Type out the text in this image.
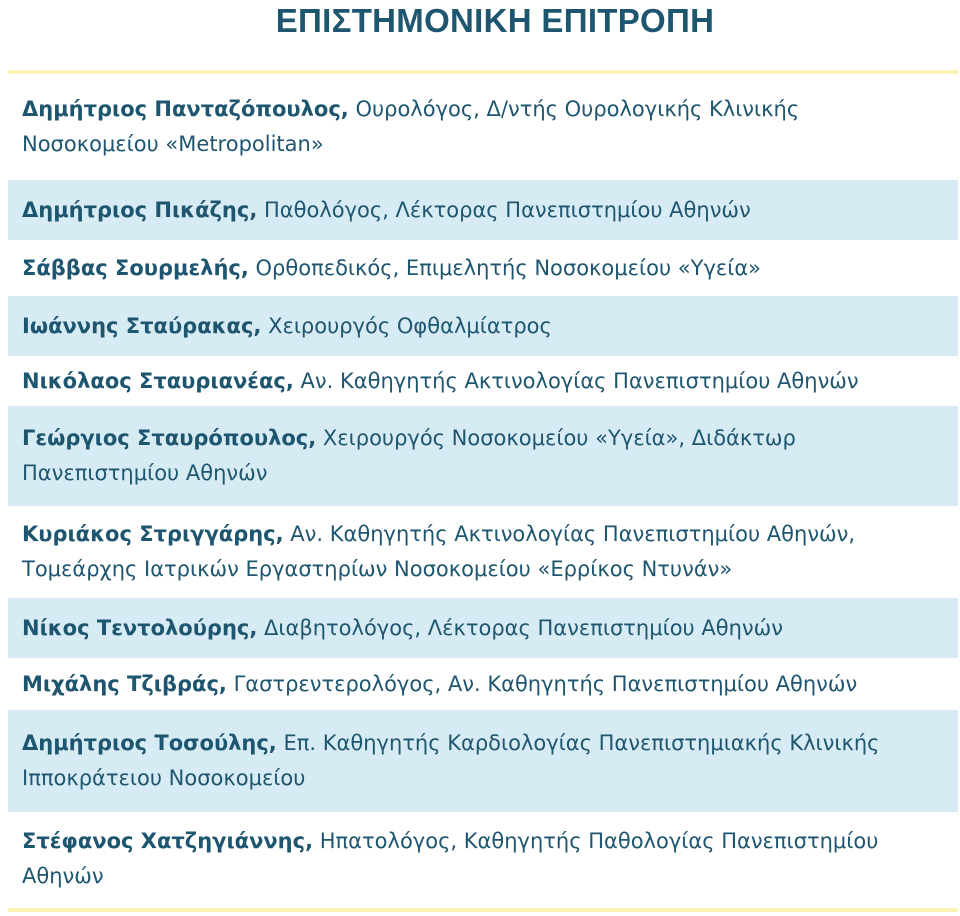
ΕΠΙΣΤΗΜΟΝΙΚΗ ΕΠΙΤΡΟΠΗ
Δημήτριος Πανταζόπουλος, Ουρολόγος, Δ/ντής Ουρολογικής Κλινικής
Νοσοκομείου «Metropolitan»
Δημήτριος Πικάζης, Παθολόγος, Λέκτορας Πανεπιστημίου Αθηνών
Σάββας Σουρμελής, Ορθοπεδικός, Επιμελητής Νοσοκομείου «Υγεία»
Ιωάννης Σταύρακας, Χειρουργός Οφθαλμίατρος
Νικόλαος Σταυριανέας, Αν. Καθηγητής Ακτινολογίας Πανεπιστημίου Αθηνών
Γεώργιος Σταυρόπουλος, Χειρουργός Νοσοκομείου «Υγεία», Διδάκτωρ
Πανεπιστημίου Αθηνών
Κυριάκος Στριγγάρης, Αν. Καθηγητής Ακτινολογίας Πανεπιστημίου Αθηνών,
Τομεάρχης Ιατρικών Εργαστηρίων Νοσοκομείου «Ερρίκος Ντυνάν»
Νίκος Τεντολούρης, Διαβητολόγος, Λέκτορας Πανεπιστημίου Αθηνών
Μιχάλης Τζιβράς, Γαστρεντερολόγος, Αν. Καθηγητής Πανεπιστημίου Αθηνών
Δημήτριος Τοσούλης, Επ. Καθηγητής Καρδιολογίας Πανεπιστημιακής Κλινικής
Ιπποκράτειου Νοσοκομείου
Στέφανος Χατζηγιάννης, Ηπατολόγος, Καθηγητής Παθολογίας Πανεπιστημίου
Αθηνών
